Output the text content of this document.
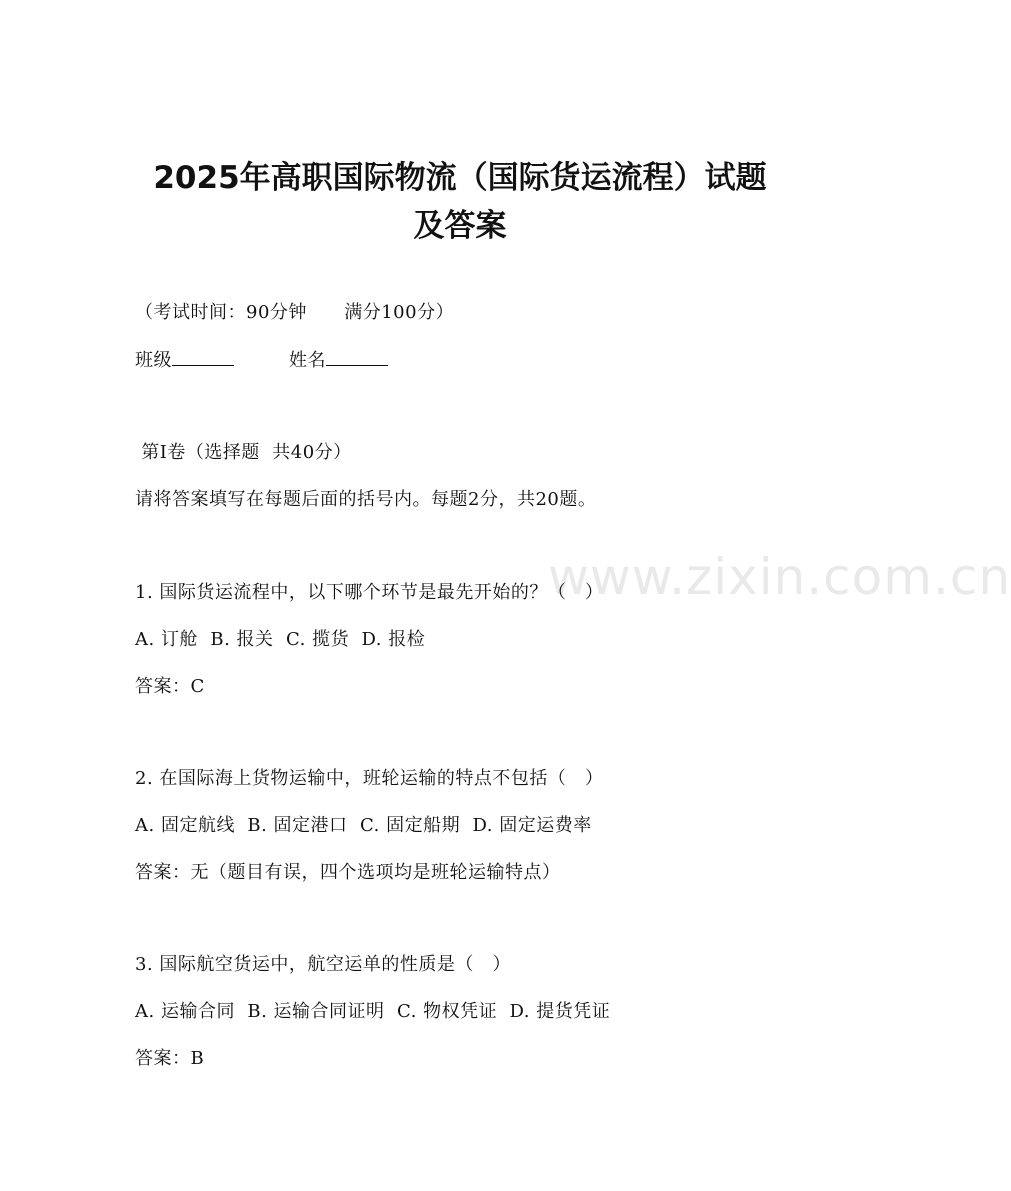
www.zixin.com.cn
2025年高职国际物流（国际货运流程）试题
及答案
（考试时间：90分钟      满分100分）
班级	姓名
第I卷（选择题  共40分）
请将答案填写在每题后面的括号内。每题2分，共20题。
1. 国际货运流程中，以下哪个环节是最先开始的？（   ）
A. 订舱  B. 报关  C. 揽货  D. 报检
答案：C
2. 在国际海上货物运输中，班轮运输的特点不包括（   ）
A. 固定航线  B. 固定港口  C. 固定船期  D. 固定运费率
答案：无（题目有误，四个选项均是班轮运输特点）
3. 国际航空货运中，航空运单的性质是（   ）
A. 运输合同  B. 运输合同证明  C. 物权凭证  D. 提货凭证
答案：B
